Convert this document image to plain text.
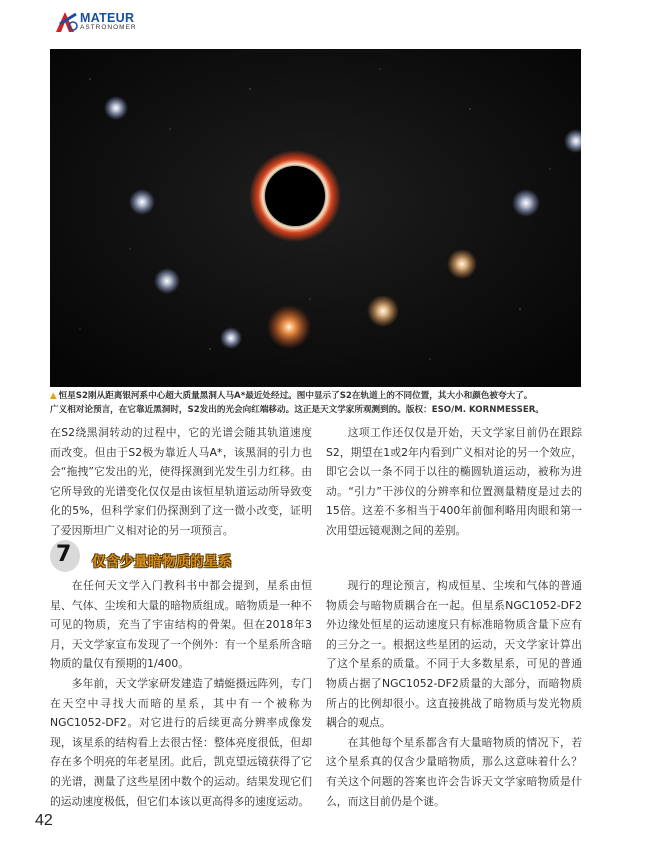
MATEUR
ASTRONOMER
▲ 恒星S2刚从距离银河系中心超大质量黑洞人马A*最近处经过。图中显示了S2在轨道上的不同位置，其大小和颜色被夸大了。
广义相对论预言，在它靠近黑洞时，S2发出的光会向红端移动。这正是天文学家所观测到的。版权：ESO/M. KORNMESSER。

在S2绕黑洞转动的过程中，它的光谱会随其轨道速度而改变。但由于S2极为靠近人马A*，该黑洞的引力也会“拖拽”它发出的光，使得探测到光发生引力红移。由它所导致的光谱变化仅仅是由该恒星轨道运动所导致变化的5%，但科学家们仍探测到了这一微小改变，证明了爱因斯坦广义相对论的另一项预言。

这项工作还仅仅是开始，天文学家目前仍在跟踪S2，期望在1或2年内看到广义相对论的另一个效应，即它会以一条不同于以往的椭圆轨道运动，被称为进动。“引力”干涉仪的分辨率和位置测量精度是过去的15倍。这差不多相当于400年前伽利略用肉眼和第一次用望远镜观测之间的差别。

7 仅含少量暗物质的星系

在任何天文学入门教科书中都会提到，星系由恒星、气体、尘埃和大量的暗物质组成。暗物质是一种不可见的物质，充当了宇宙结构的骨架。但在2018年3月，天文学家宣布发现了一个例外：有一个星系所含暗物质的量仅有预期的1/400。

多年前，天文学家研发建造了蜻蜓摄远阵列，专门在天空中寻找大而暗的星系，其中有一个被称为NGC1052-DF2。对它进行的后续更高分辨率成像发现，该星系的结构看上去很古怪：整体亮度很低，但却存在多个明亮的年老星团。此后，凯克望远镜获得了它的光谱，测量了这些星团中数个的运动。结果发现它们的运动速度极低，但它们本该以更高得多的速度运动。

现行的理论预言，构成恒星、尘埃和气体的普通物质会与暗物质耦合在一起。但星系NGC1052-DF2外边缘处恒星的运动速度只有标准暗物质含量下应有的三分之一。根据这些星团的运动，天文学家计算出了这个星系的质量。不同于大多数星系，可见的普通物质占据了NGC1052-DF2质量的大部分，而暗物质所占的比例却很小。这直接挑战了暗物质与发光物质耦合的观点。

在其他每个星系都含有大量暗物质的情况下，若这个星系真的仅含少量暗物质，那么这意味着什么？有关这个问题的答案也许会告诉天文学家暗物质是什么，而这目前仍是个谜。

42
